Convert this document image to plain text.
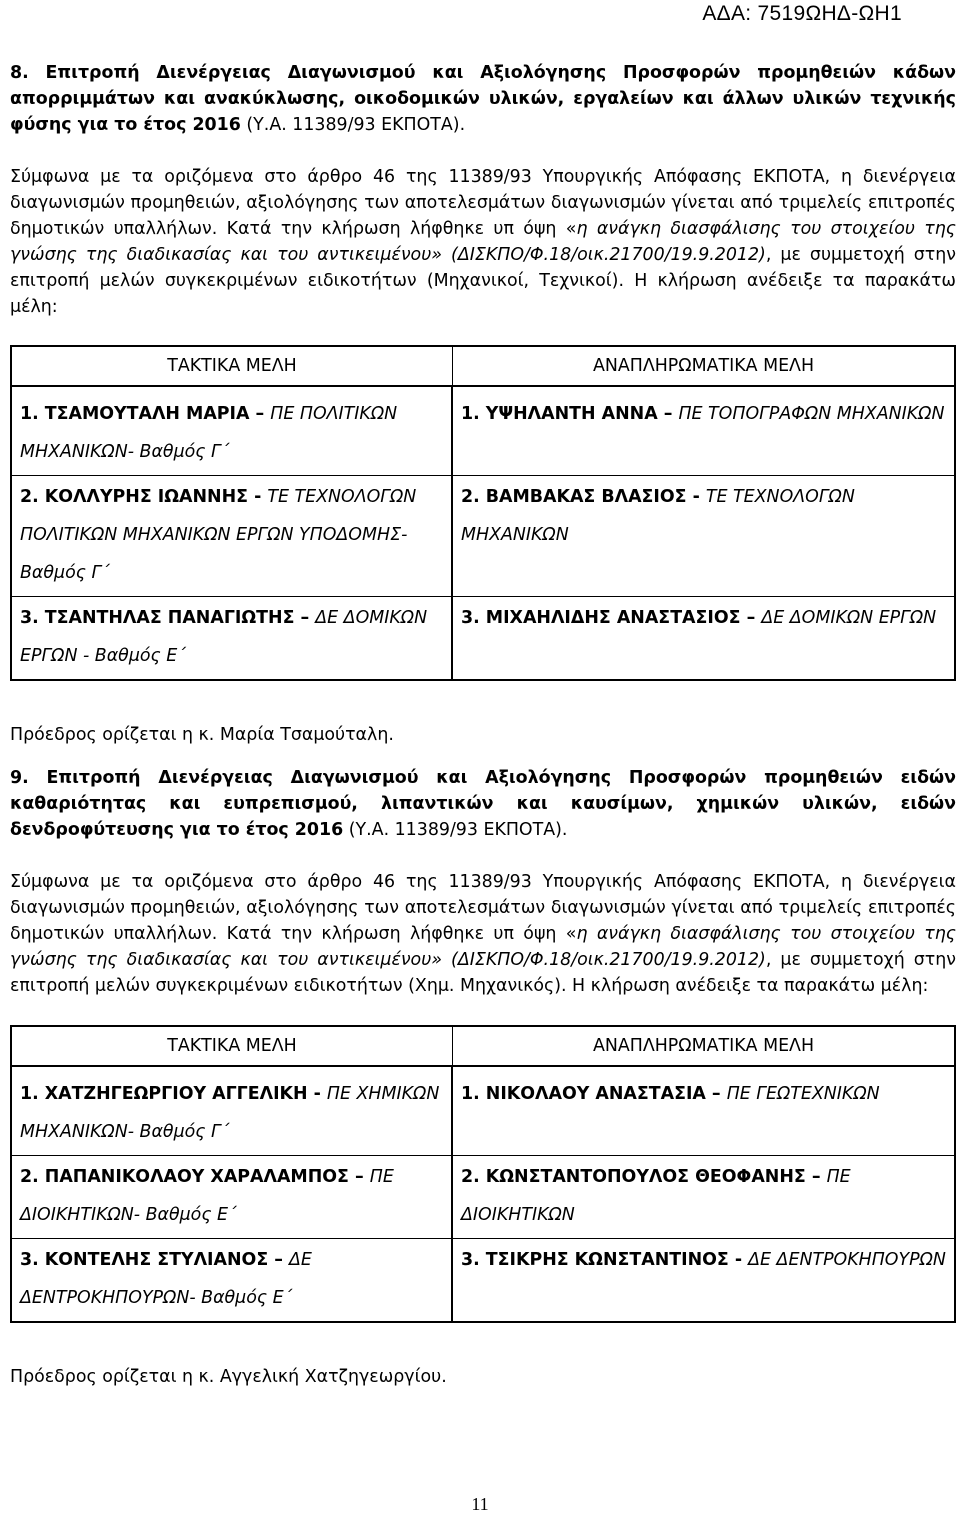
ΑΔΑ: 7519ΩΗΔ-ΩΗ1
8. Επιτροπή Διενέργειας Διαγωνισμού και Αξιολόγησης Προσφορών προμηθειών κάδων απορριμμάτων και ανακύκλωσης, οικοδομικών υλικών, εργαλείων και άλλων υλικών τεχνικής φύσης για το έτος 2016 (Υ.Α. 11389/93 ΕΚΠΟΤΑ).
Σύμφωνα με τα οριζόμενα στο άρθρο 46 της 11389/93 Υπουργικής Απόφασης ΕΚΠΟΤΑ, η διενέργεια διαγωνισμών προμηθειών, αξιολόγησης των αποτελεσμάτων διαγωνισμών γίνεται από τριμελείς επιτροπές δημοτικών υπαλλήλων. Κατά την κλήρωση λήφθηκε υπ όψη «η ανάγκη διασφάλισης του στοιχείου της γνώσης της διαδικασίας και του αντικειμένου» (ΔΙΣΚΠΟ/Φ.18/οικ.21700/19.9.2012), με συμμετοχή στην επιτροπή μελών συγκεκριμένων ειδικοτήτων (Μηχανικοί, Τεχνικοί). Η κλήρωση ανέδειξε τα παρακάτω μέλη:
ΤΑΚΤΙΚΑ ΜΕΛΗ	ΑΝΑΠΛΗΡΩΜΑΤΙΚΑ ΜΕΛΗ

1. ΤΣΑΜΟΥΤΑΛΗ ΜΑΡΙΑ – ΠΕ ΠΟΛΙΤΙΚΩΝ ΜΗΧΑΝΙΚΩΝ- Βαθμός Γ΄	1. ΥΨΗΛΑΝΤΗ ΑΝΝΑ – ΠΕ ΤΟΠΟΓΡΑΦΩΝ ΜΗΧΑΝΙΚΩΝ
2. ΚΟΛΛΥΡΗΣ ΙΩΑΝΝΗΣ - ΤΕ ΤΕΧΝΟΛΟΓΩΝ ΠΟΛΙΤΙΚΩΝ ΜΗΧΑΝΙΚΩΝ ΕΡΓΩΝ ΥΠΟΔΟΜΗΣ- Βαθμός Γ΄	2. ΒΑΜΒΑΚΑΣ ΒΛΑΣΙΟΣ - ΤΕ ΤΕΧΝΟΛΟΓΩΝ ΜΗΧΑΝΙΚΩΝ
3. ΤΣΑΝΤΗΛΑΣ ΠΑΝΑΓΙΩΤΗΣ – ΔΕ ΔΟΜΙΚΩΝ ΕΡΓΩΝ - Βαθμός Ε΄	3. ΜΙΧΑΗΛΙΔΗΣ ΑΝΑΣΤΑΣΙΟΣ – ΔΕ ΔΟΜΙΚΩΝ ΕΡΓΩΝ
Πρόεδρος ορίζεται η κ. Μαρία Τσαμούταλη.
9. Επιτροπή Διενέργειας Διαγωνισμού και Αξιολόγησης Προσφορών προμηθειών ειδών καθαριότητας και ευπρεπισμού, λιπαντικών και καυσίμων, χημικών υλικών, ειδών δενδροφύτευσης για το έτος 2016 (Υ.Α. 11389/93 ΕΚΠΟΤΑ).
Σύμφωνα με τα οριζόμενα στο άρθρο 46 της 11389/93 Υπουργικής Απόφασης ΕΚΠΟΤΑ, η διενέργεια διαγωνισμών προμηθειών, αξιολόγησης των αποτελεσμάτων διαγωνισμών γίνεται από τριμελείς επιτροπές δημοτικών υπαλλήλων. Κατά την κλήρωση λήφθηκε υπ όψη «η ανάγκη διασφάλισης του στοιχείου της γνώσης της διαδικασίας και του αντικειμένου» (ΔΙΣΚΠΟ/Φ.18/οικ.21700/19.9.2012), με συμμετοχή στην επιτροπή μελών συγκεκριμένων ειδικοτήτων (Χημ. Μηχανικός). Η κλήρωση ανέδειξε τα παρακάτω μέλη:
ΤΑΚΤΙΚΑ ΜΕΛΗ	ΑΝΑΠΛΗΡΩΜΑΤΙΚΑ ΜΕΛΗ

1. ΧΑΤΖΗΓΕΩΡΓΙΟΥ ΑΓΓΕΛΙΚΗ - ΠΕ ΧΗΜΙΚΩΝ ΜΗΧΑΝΙΚΩΝ- Βαθμός Γ΄	1. ΝΙΚΟΛΑΟΥ ΑΝΑΣΤΑΣΙΑ – ΠΕ ΓΕΩΤΕΧΝΙΚΩΝ
2. ΠΑΠΑΝΙΚΟΛΑΟΥ ΧΑΡΑΛΑΜΠΟΣ – ΠΕ ΔΙΟΙΚΗΤΙΚΩΝ- Βαθμός Ε΄	2. ΚΩΝΣΤΑΝΤΟΠΟΥΛΟΣ ΘΕΟΦΑΝΗΣ – ΠΕ ΔΙΟΙΚΗΤΙΚΩΝ
3. ΚΟΝΤΕΛΗΣ ΣΤΥΛΙΑΝΟΣ – ΔΕ ΔΕΝΤΡΟΚΗΠΟΥΡΩΝ- Βαθμός Ε΄	3. ΤΣΙΚΡΗΣ ΚΩΝΣΤΑΝΤΙΝΟΣ - ΔΕ ΔΕΝΤΡΟΚΗΠΟΥΡΩΝ
Πρόεδρος ορίζεται η κ. Αγγελική Χατζηγεωργίου.
11
